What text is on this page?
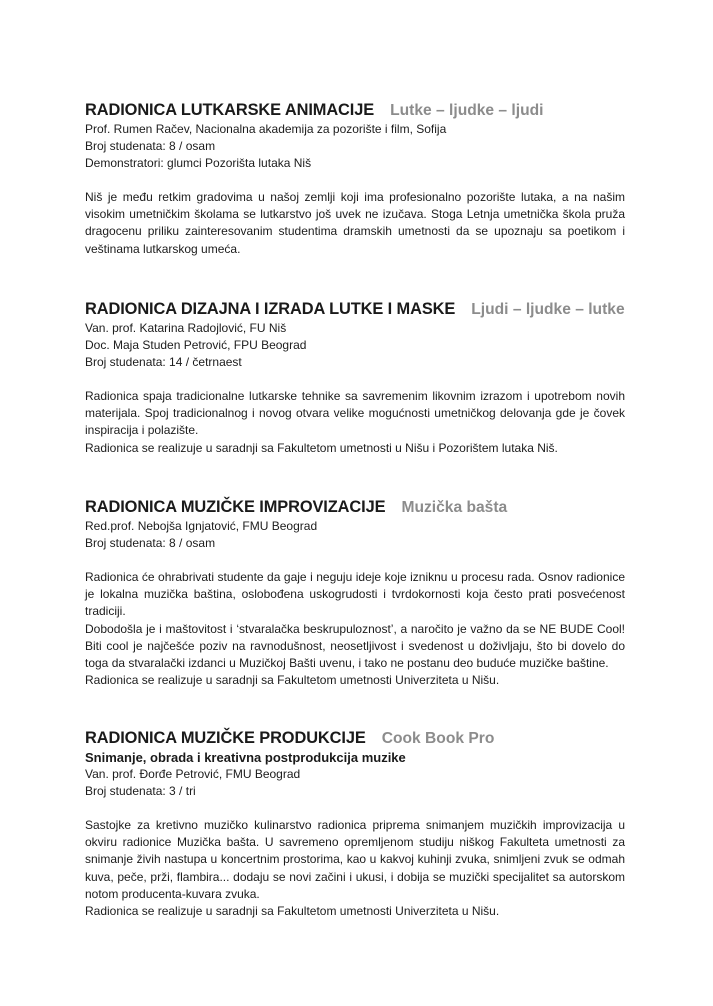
RADIONICA LUTKARSKE ANIMACIJE Lutke – ljudke – ljudi

Prof. Rumen Račev, Nacionalna akademija za pozorište i film, Sofija

Broj studenata: 8 / osam

Demonstratori: glumci Pozorišta lutaka Niš

Niš je među retkim gradovima u našoj zemlji koji ima profesionalno pozorište lutaka, a na našim visokim umetničkim školama se lutkarstvo još uvek ne izučava. Stoga Letnja umetnička škola pruža dragocenu priliku zainteresovanim studentima dramskih umetnosti da se upoznaju sa poetikom i veštinama lutkarskog umeća.

RADIONICA DIZAJNA I IZRADA LUTKE I MASKE Ljudi – ljudke – lutke

Van. prof. Katarina Radojlović, FU Niš

Doc. Maja Studen Petrović, FPU Beograd

Broj studenata: 14 / četrnaest

Radionica spaja tradicionalne lutkarske tehnike sa savremenim likovnim izrazom i upotrebom novih materijala. Spoj tradicionalnog i novog otvara velike mogućnosti umetničkog delovanja gde je čovek inspiracija i polazište.

Radionica se realizuje u saradnji sa Fakultetom umetnosti u Nišu i Pozorištem lutaka Niš.

RADIONICA MUZIČKE IMPROVIZACIJE Muzička bašta

Red.prof. Nebojša Ignjatović, FMU Beograd

Broj studenata: 8 / osam

Radionica će ohrabrivati studente da gaje i neguju ideje koje izniknu u procesu rada. Osnov radionice je lokalna muzička baština, oslobođena uskogrudosti i tvrdokornosti koja često prati posvećenost tradiciji.

Dobodošla je i maštovitost i ‘stvaralačka beskrupuloznost’, a naročito je važno da se NE BUDE Cool! Biti cool je najčešće poziv na ravnodušnost, neosetljivost i svedenost u doživljaju, što bi dovelo do toga da stvaralački izdanci u Muzičkoj Bašti uvenu, i tako ne postanu deo buduće muzičke baštine.

Radionica se realizuje u saradnji sa Fakultetom umetnosti Univerziteta u Nišu.

RADIONICA MUZIČKE PRODUKCIJE Cook Book Pro

Snimanje, obrada i kreativna postprodukcija muzike

Van. prof. Đorđe Petrović, FMU Beograd

Broj studenata: 3 / tri

Sastojke za kretivno muzičko kulinarstvo radionica priprema snimanjem muzičkih improvizacija u okviru radionice Muzička bašta. U savremeno opremljenom studiju niškog Fakulteta umetnosti za snimanje živih nastupa u koncertnim prostorima, kao u kakvoj kuhinji zvuka, snimljeni zvuk se odmah kuva, peče, prži, flambira... dodaju se novi začini i ukusi, i dobija se muzički specijalitet sa autorskom notom producenta-kuvara zvuka.

Radionica se realizuje u saradnji sa Fakultetom umetnosti Univerziteta u Nišu.
